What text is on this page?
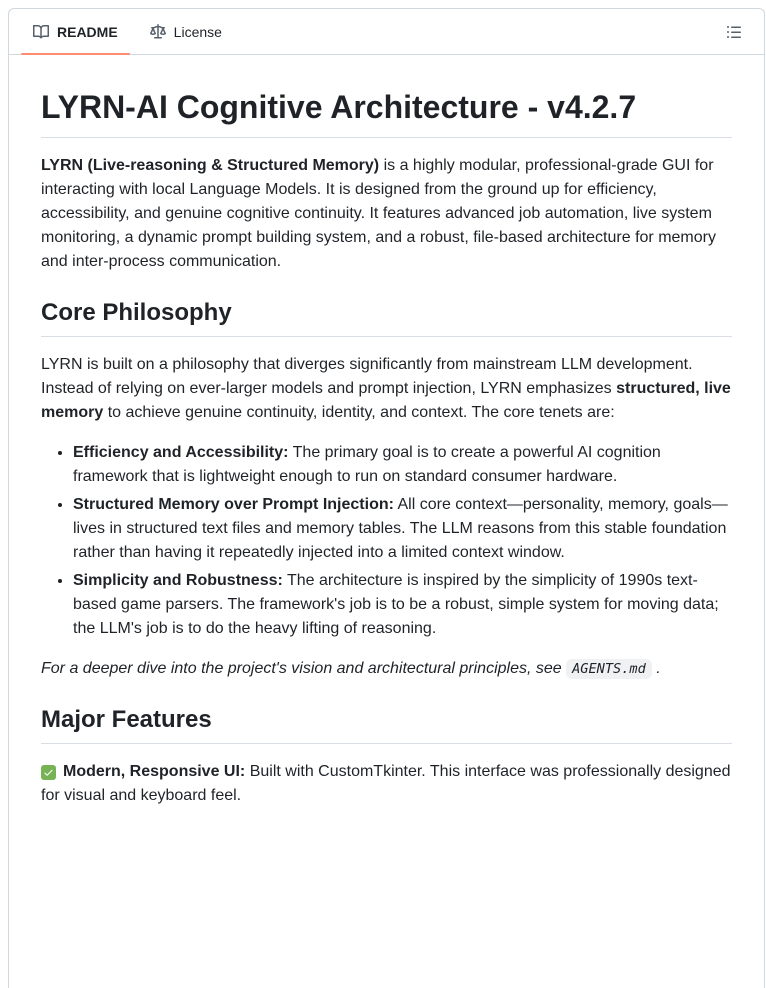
README	License
LYRN-AI Cognitive Architecture - v4.2.7

LYRN (Live-reasoning & Structured Memory) is a highly modular, professional-grade GUI for interacting with local Language Models. It is designed from the ground up for efficiency, accessibility, and genuine cognitive continuity. It features advanced job automation, live system monitoring, a dynamic prompt building system, and a robust, file-based architecture for memory and inter-process communication.

Core Philosophy

LYRN is built on a philosophy that diverges significantly from mainstream LLM development. Instead of relying on ever-larger models and prompt injection, LYRN emphasizes structured, live memory to achieve genuine continuity, identity, and context. The core tenets are:

• Efficiency and Accessibility: The primary goal is to create a powerful AI cognition framework that is lightweight enough to run on standard consumer hardware.
• Structured Memory over Prompt Injection: All core context—personality, memory, goals—lives in structured text files and memory tables. The LLM reasons from this stable foundation rather than having it repeatedly injected into a limited context window.
• Simplicity and Robustness: The architecture is inspired by the simplicity of 1990s text-based game parsers. The framework's job is to be a robust, simple system for moving data; the LLM's job is to do the heavy lifting of reasoning.

For a deeper dive into the project's vision and architectural principles, see AGENTS.md .

Major Features

Modern, Responsive UI: Built with CustomTkinter. This interface was professionally designed for visual and keyboard feel.
